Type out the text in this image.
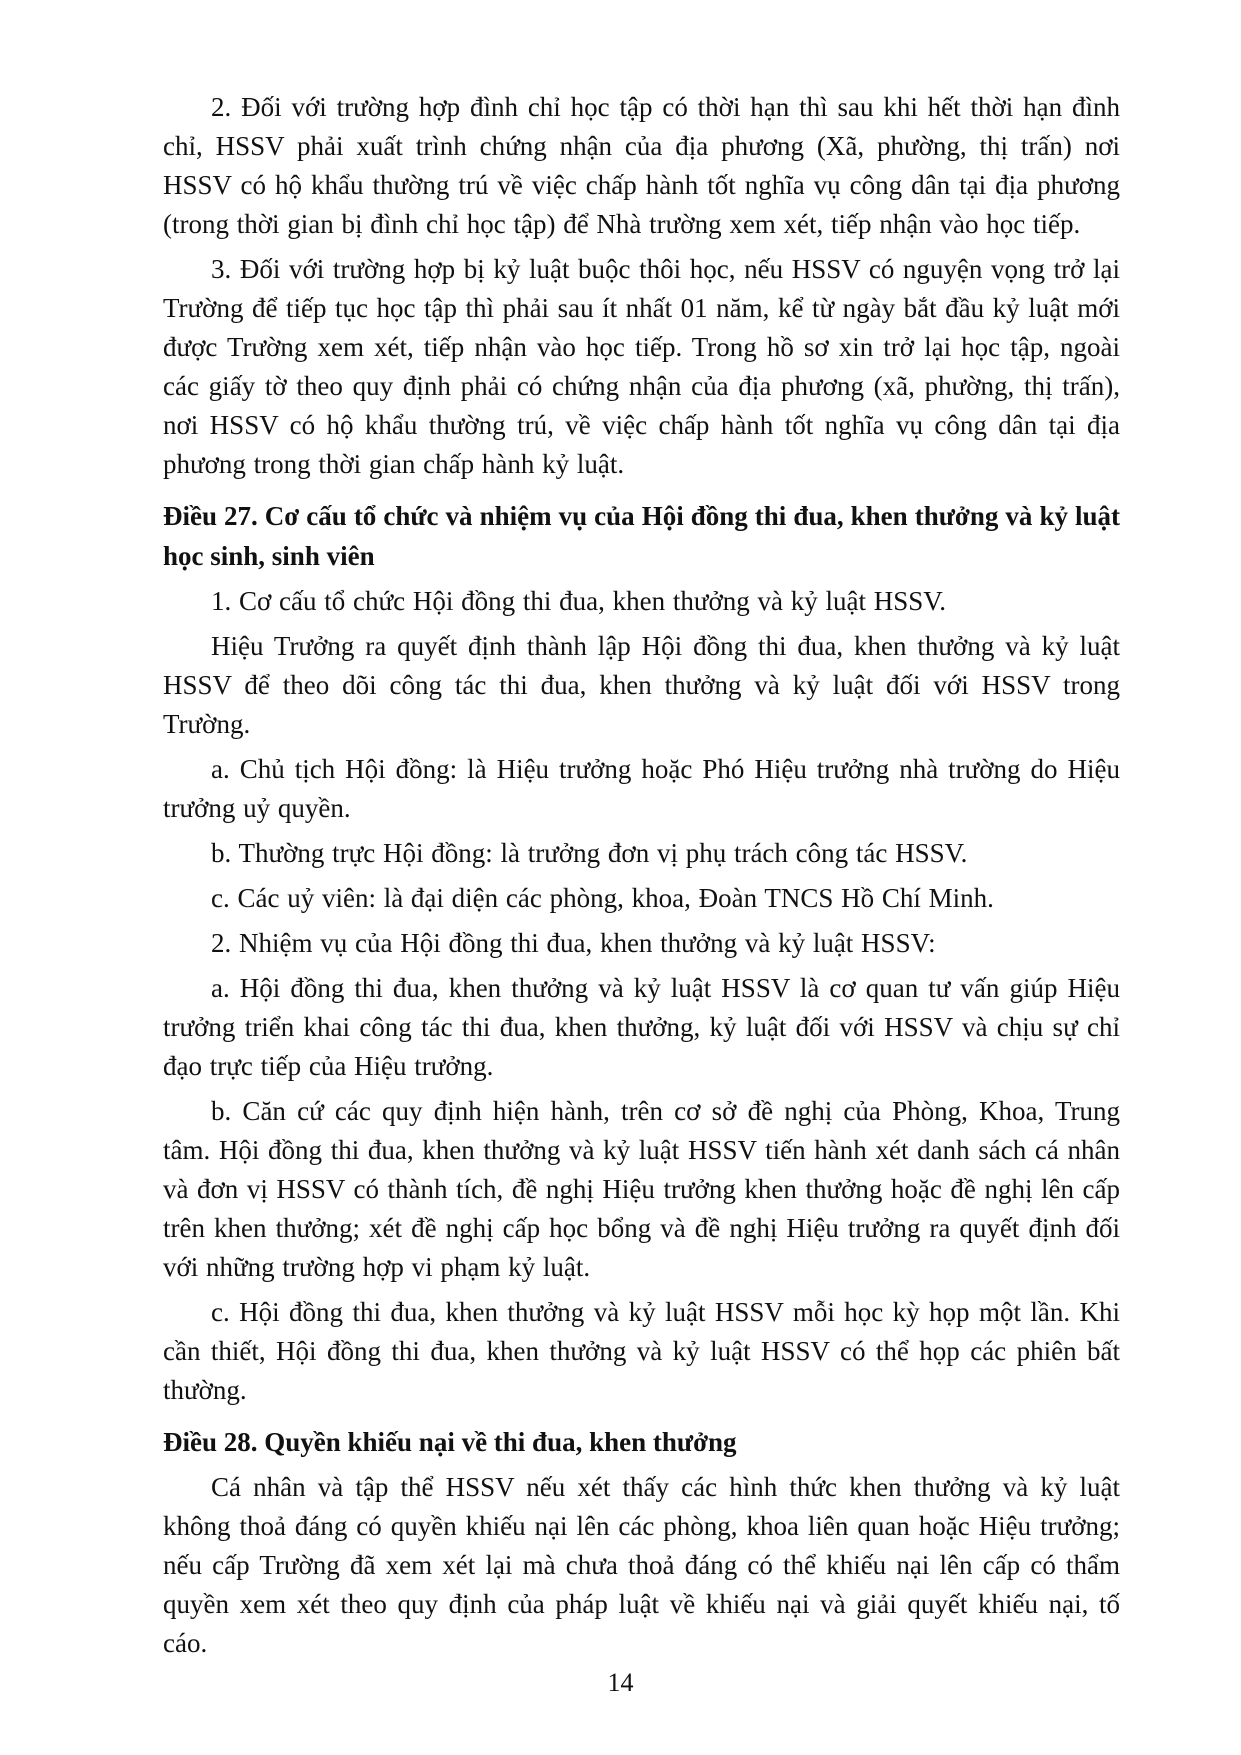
2. Đối với trường hợp đình chỉ học tập có thời hạn thì sau khi hết thời hạn đình chỉ, HSSV phải xuất trình chứng nhận của địa phương (Xã, phường, thị trấn) nơi HSSV có hộ khẩu thường trú về việc chấp hành tốt nghĩa vụ công dân tại địa phương (trong thời gian bị đình chỉ học tập) để Nhà trường xem xét, tiếp nhận vào học tiếp.

3. Đối với trường hợp bị kỷ luật buộc thôi học, nếu HSSV có nguyện vọng trở lại Trường để tiếp tục học tập thì phải sau ít nhất 01 năm, kể từ ngày bắt đầu kỷ luật mới được Trường xem xét, tiếp nhận vào học tiếp. Trong hồ sơ xin trở lại học tập, ngoài các giấy tờ theo quy định phải có chứng nhận của địa phương (xã, phường, thị trấn), nơi HSSV có hộ khẩu thường trú, về việc chấp hành tốt nghĩa vụ công dân tại địa phương trong thời gian chấp hành kỷ luật.

Điều 27. Cơ cấu tổ chức và nhiệm vụ của Hội đồng thi đua, khen thưởng và kỷ luật học sinh, sinh viên

1. Cơ cấu tổ chức Hội đồng thi đua, khen thưởng và kỷ luật HSSV.

Hiệu Trưởng ra quyết định thành lập Hội đồng thi đua, khen thưởng và kỷ luật HSSV để theo dõi công tác thi đua, khen thưởng và kỷ luật đối với HSSV trong Trường.

a. Chủ tịch Hội đồng: là Hiệu trưởng hoặc Phó Hiệu trưởng nhà trường do Hiệu trưởng uỷ quyền.

b. Thường trực Hội đồng: là trưởng đơn vị phụ trách công tác HSSV.

c. Các uỷ viên: là đại diện các phòng, khoa, Đoàn TNCS Hồ Chí Minh.

2. Nhiệm vụ của Hội đồng thi đua, khen thưởng và kỷ luật HSSV:

a. Hội đồng thi đua, khen thưởng và kỷ luật HSSV là cơ quan tư vấn giúp Hiệu trưởng triển khai công tác thi đua, khen thưởng, kỷ luật đối với HSSV và chịu sự chỉ đạo trực tiếp của Hiệu trưởng.

b. Căn cứ các quy định hiện hành, trên cơ sở đề nghị của Phòng, Khoa, Trung tâm. Hội đồng thi đua, khen thưởng và kỷ luật HSSV tiến hành xét danh sách cá nhân và đơn vị HSSV có thành tích, đề nghị Hiệu trưởng khen thưởng hoặc đề nghị lên cấp trên khen thưởng; xét đề nghị cấp học bổng và đề nghị Hiệu trưởng ra quyết định đối với những trường hợp vi phạm kỷ luật.

c. Hội đồng thi đua, khen thưởng và kỷ luật HSSV mỗi học kỳ họp một lần. Khi cần thiết, Hội đồng thi đua, khen thưởng và kỷ luật HSSV có thể họp các phiên bất thường.

Điều 28. Quyền khiếu nại về thi đua, khen thưởng

Cá nhân và tập thể HSSV nếu xét thấy các hình thức khen thưởng và kỷ luật không thoả đáng có quyền khiếu nại lên các phòng, khoa liên quan hoặc Hiệu trưởng; nếu cấp Trường đã xem xét lại mà chưa thoả đáng có thể khiếu nại lên cấp có thẩm quyền xem xét theo quy định của pháp luật về khiếu nại và giải quyết khiếu nại, tố cáo.

14
